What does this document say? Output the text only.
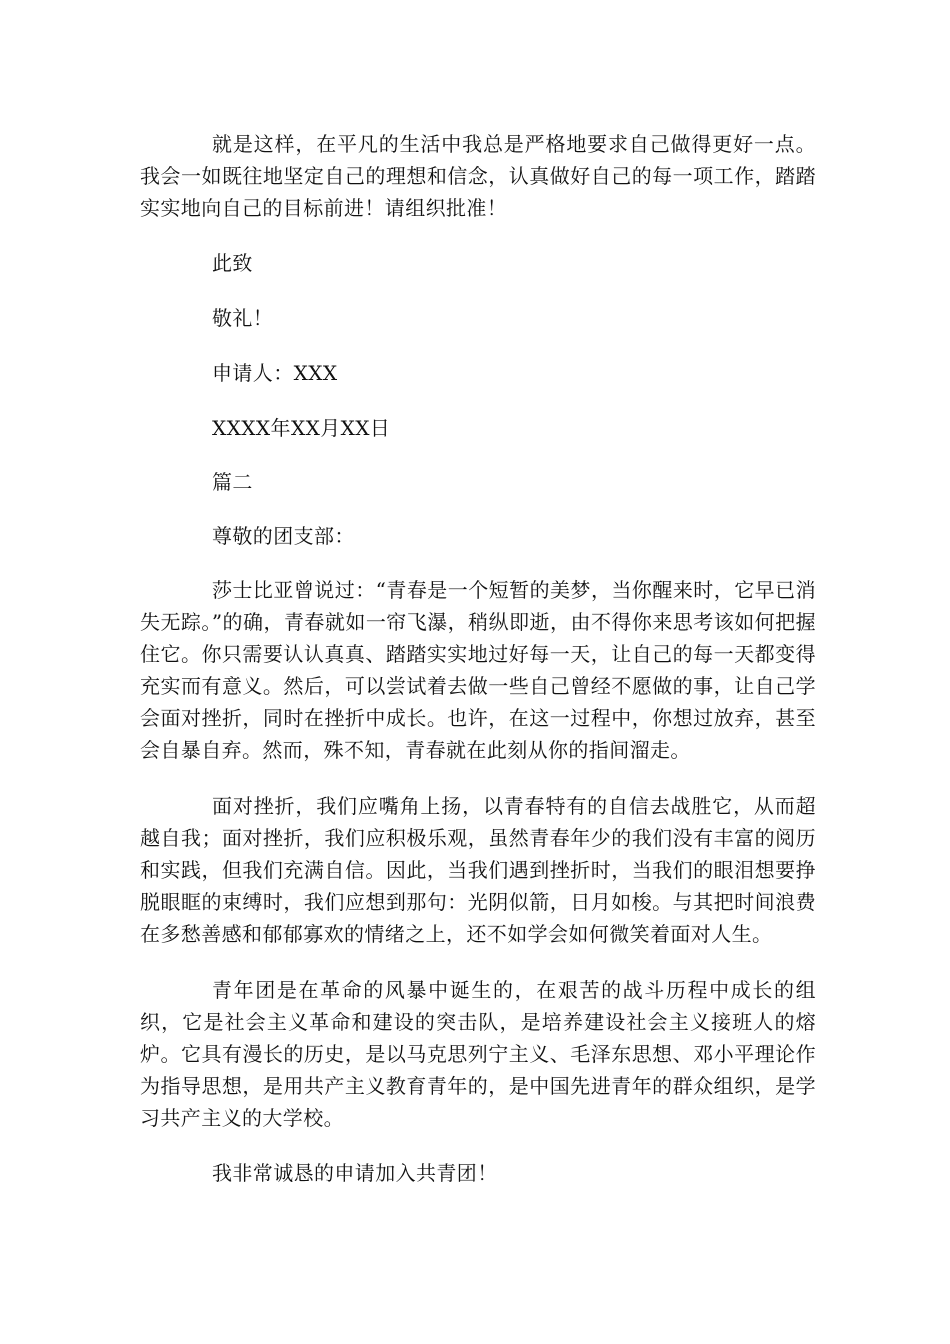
就是这样，在平凡的生活中我总是严格地要求自己做得更好一点。我会一如既往地坚定自己的理想和信念，认真做好自己的每一项工作，踏踏实实地向自己的目标前进！请组织批准！

此致

敬礼！

申请人：XXX

XXXX年XX月XX日

篇二

尊敬的团支部：

莎士比亚曾说过：“青春是一个短暂的美梦，当你醒来时，它早已消失无踪。”的确，青春就如一帘飞瀑，稍纵即逝，由不得你来思考该如何把握住它。你只需要认认真真、踏踏实实地过好每一天，让自己的每一天都变得充实而有意义。然后，可以尝试着去做一些自己曾经不愿做的事，让自己学会面对挫折，同时在挫折中成长。也许，在这一过程中，你想过放弃，甚至会自暴自弃。然而，殊不知，青春就在此刻从你的指间溜走。

面对挫折，我们应嘴角上扬，以青春特有的自信去战胜它，从而超越自我；面对挫折，我们应积极乐观，虽然青春年少的我们没有丰富的阅历和实践，但我们充满自信。因此，当我们遇到挫折时，当我们的眼泪想要挣脱眼眶的束缚时，我们应想到那句：光阴似箭，日月如梭。与其把时间浪费在多愁善感和郁郁寡欢的情绪之上，还不如学会如何微笑着面对人生。

青年团是在革命的风暴中诞生的，在艰苦的战斗历程中成长的组织，它是社会主义革命和建设的突击队，是培养建设社会主义接班人的熔炉。它具有漫长的历史，是以马克思列宁主义、毛泽东思想、邓小平理论作为指导思想，是用共产主义教育青年的，是中国先进青年的群众组织，是学习共产主义的大学校。

我非常诚恳的申请加入共青团！
